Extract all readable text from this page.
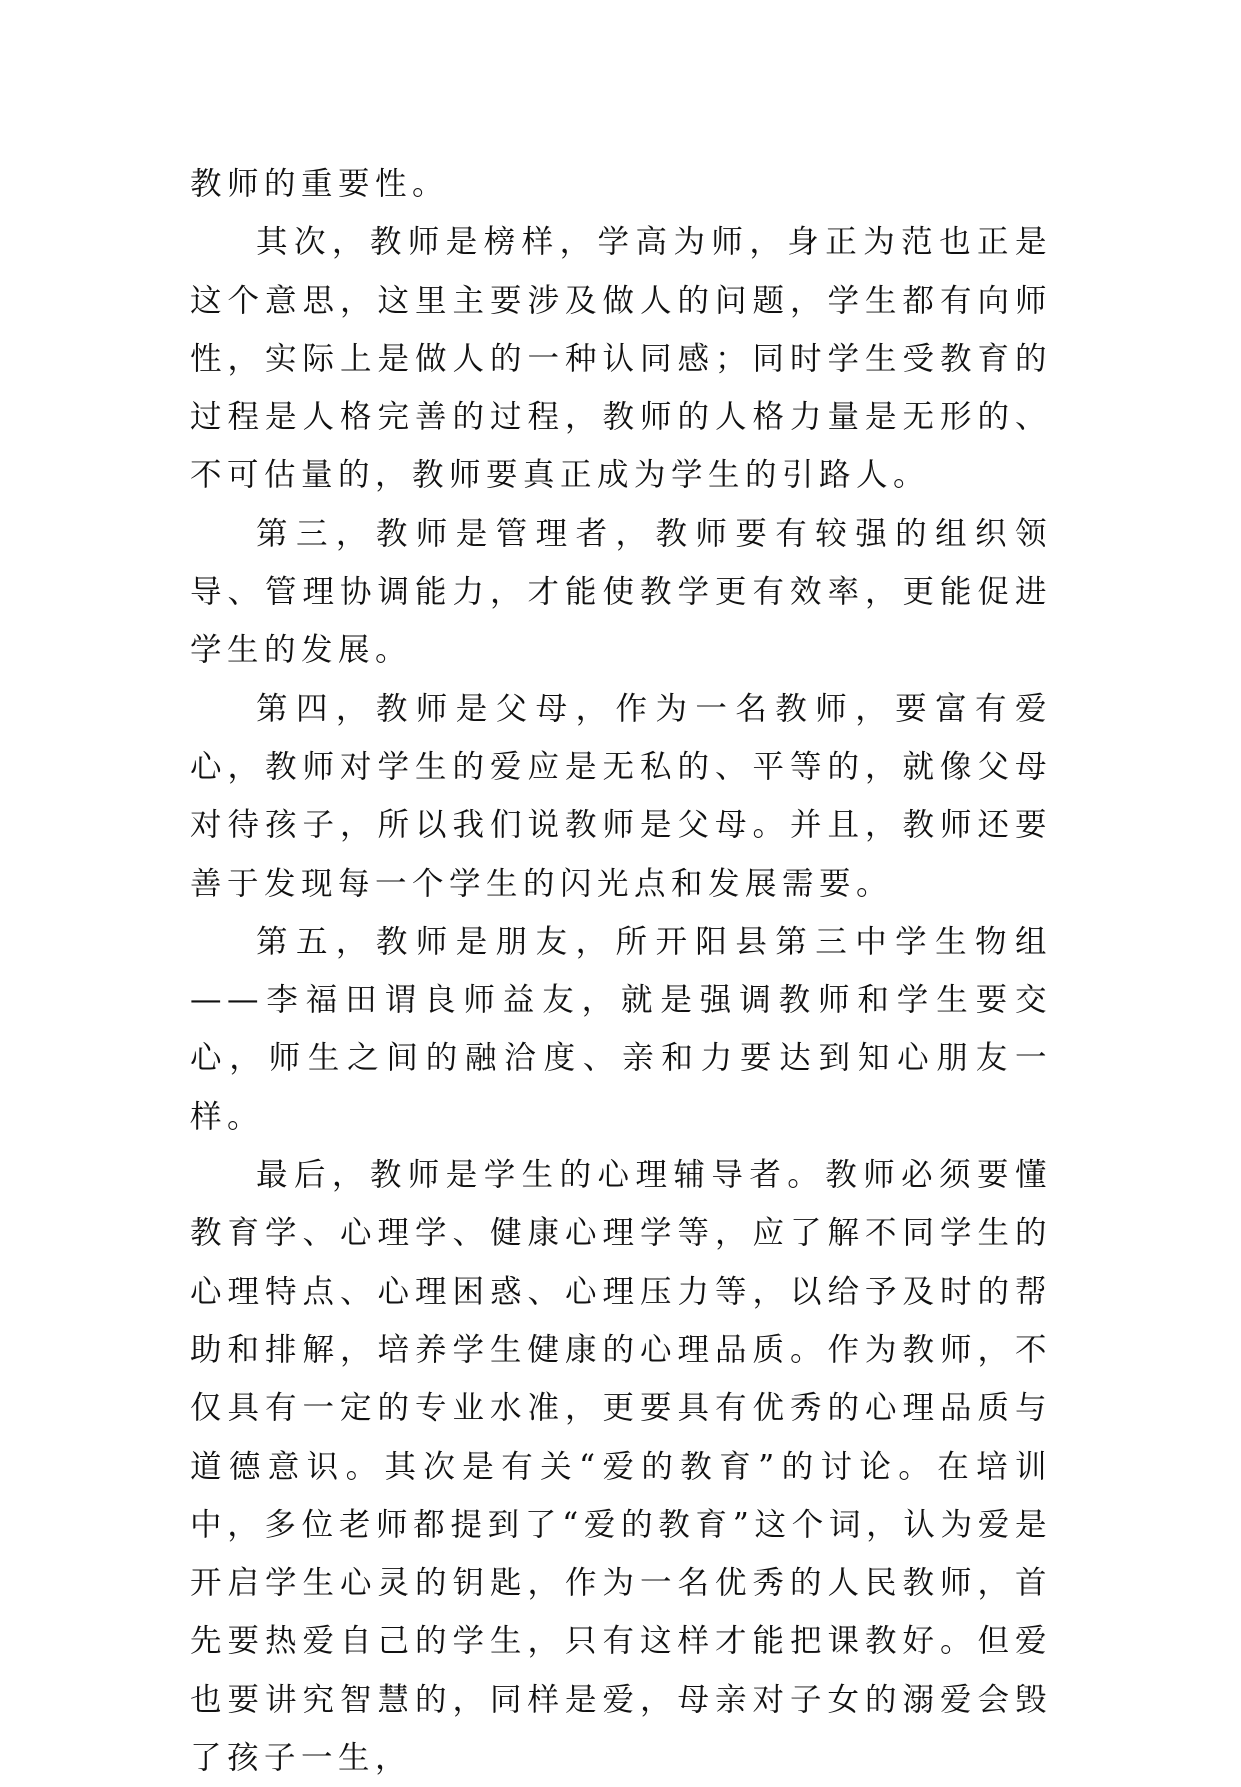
教师的重要性。

其次，教师是榜样，学高为师，身正为范也正是这个意思，这里主要涉及做人的问题，学生都有向师性，实际上是做人的一种认同感；同时学生受教育的过程是人格完善的过程，教师的人格力量是无形的、不可估量的，教师要真正成为学生的引路人。

第三，教师是管理者，教师要有较强的组织领导、管理协调能力，才能使教学更有效率，更能促进学生的发展。

第四，教师是父母，作为一名教师，要富有爱心，教师对学生的爱应是无私的、平等的，就像父母对待孩子，所以我们说教师是父母。并且，教师还要善于发现每一个学生的闪光点和发展需要。

第五，教师是朋友，所开阳县第三中学生物组——李福田谓良师益友，就是强调教师和学生要交心，师生之间的融洽度、亲和力要达到知心朋友一样。

最后，教师是学生的心理辅导者。教师必须要懂教育学、心理学、健康心理学等，应了解不同学生的心理特点、心理困惑、心理压力等，以给予及时的帮助和排解，培养学生健康的心理品质。作为教师，不仅具有一定的专业水准，更要具有优秀的心理品质与道德意识。其次是有关“爱的教育”的讨论。在培训中，多位老师都提到了“爱的教育”这个词，认为爱是开启学生心灵的钥匙，作为一名优秀的人民教师，首先要热爱自己的学生，只有这样才能把课教好。但爱也要讲究智慧的，同样是爱，母亲对子女的溺爱会毁了孩子一生，
